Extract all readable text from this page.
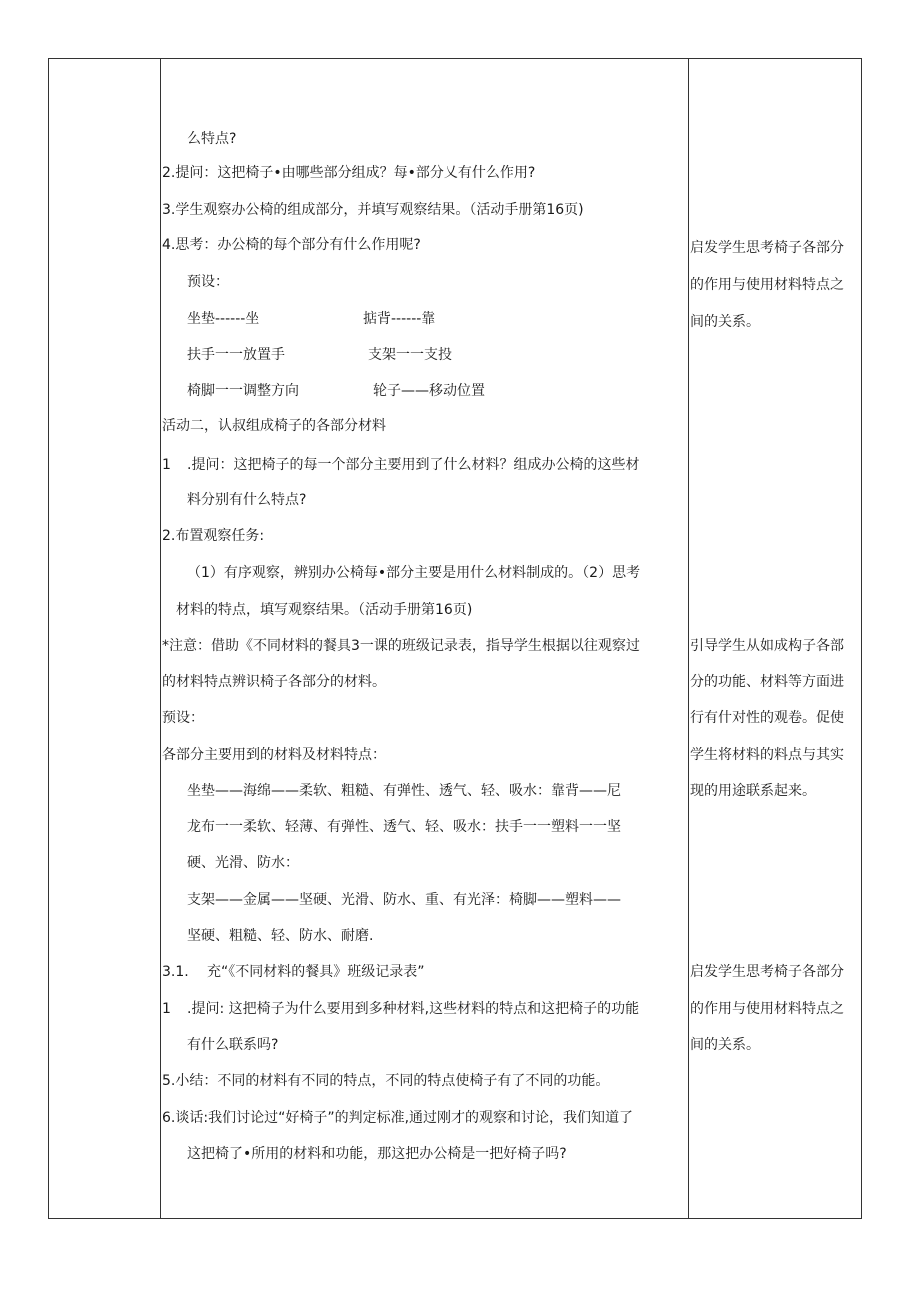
么特点?
2.提问：这把椅子•由哪些部分组成？每•部分乂有什么作用?
3.学生观察办公椅的组成部分，并填写观察结果。（活动手册第16页)
4.思考：办公椅的每个部分有什么作用呢?
预设：
坐垫------坐	掂背------靠
扶手一一放置手	支架一一支投
椅脚一一调整方向	轮子——移动位置
活动二，认叔组成椅子的各部分材料
1 .提问：这把椅子的每一个部分主要用到了什么材料？组成办公椅的这些材
料分别有什么特点?
2.布置观察任务:
（1）有序观察，辨别办公椅每•部分主要是用什么材料制成的。（2）思考
材料的特点，填写观察结果。（活动手册第16页)
*注意：借助《不同材料的餐具3一课的班级记录表，指导学生根据以往观察过
的材料特点辨识椅子各部分的材料。
预设：
各部分主要用到的材料及材料特点：
坐垫——海绵——柔软、粗糙、有弹性、透气、轻、吸水：靠背——尼
龙布一一柔软、轻薄、有弹性、透气、轻、吸水：扶手一一塑料一一坚
硬、光滑、防水：
支架——金属——坚硬、光滑、防水、重、有光泽：椅脚——塑料——
坚硬、粗糙、轻、防水、耐磨.
3.1. 充“《不同材料的餐具》班级记录表”
1 .提问: 这把椅子为什么要用到多种材料,这些材料的特点和这把椅子的功能
有什么联系吗?
5.小结：不同的材料有不同的特点，不同的特点使椅子有了不同的功能。
6.谈话:我们讨论过“好椅子”的判定标准,通过刚才的观察和讨论，我们知道了
这把椅了•所用的材料和功能，那这把办公椅是一把好椅子吗?
启发学生思考椅子各部分
的作用与使用材料特点之
间的关系。
引导学生从如成构子各部
分的功能、材料等方面进
行有什对性的观卷。促使
学生将材料的料点与其实
现的用途联系起来。
启发学生思考椅子各部分
的作用与使用材料特点之
间的关系。
